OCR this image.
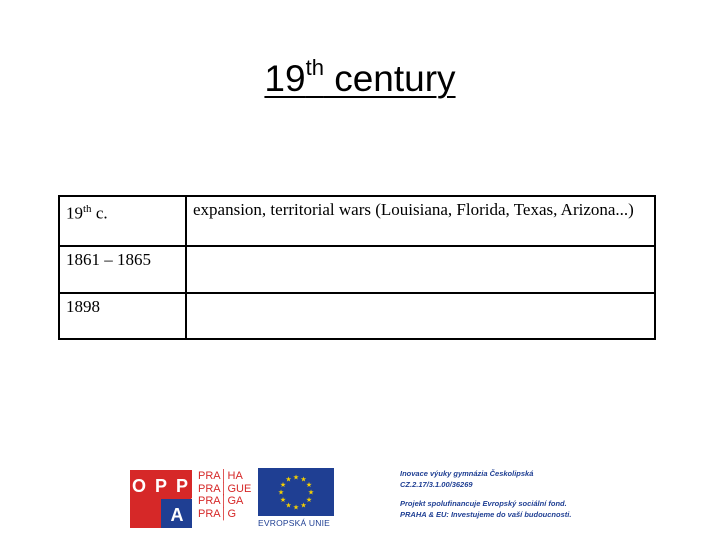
19th century
19th c.	expansion, territorial wars (Louisiana, Florida, Texas, Arizona...)
1861 – 1865	
1898	
O P P
A
PRA│HA
PRA│GUE
PRA│GA
PRA│G
★ ★
★
★
★
★
★
★
★
★
★
★
EVROPSKÁ UNIE
Inovace výuky gymnázia Českolipská
CZ.2.17/3.1.00/36269
Projekt spolufinancuje Evropský sociální fond.
PRAHA & EU: Investujeme do vaší budoucnosti.
